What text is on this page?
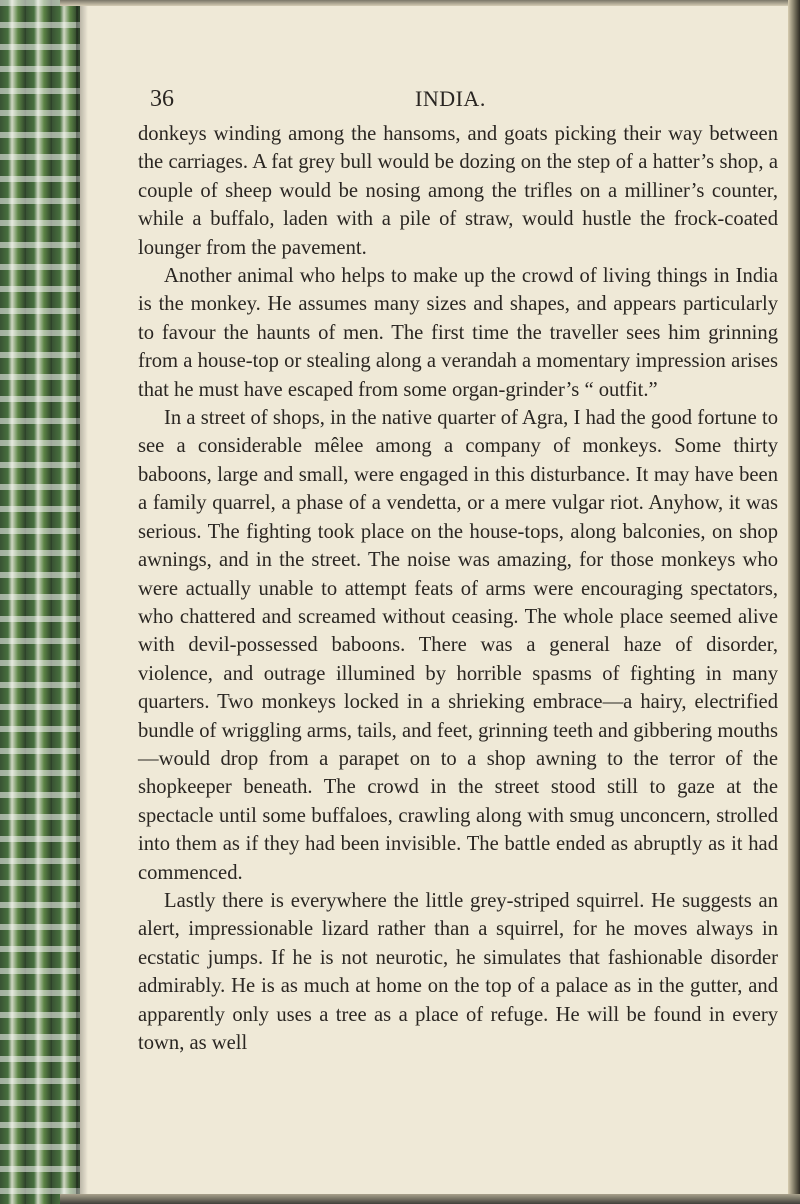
36	INDIA.

donkeys winding among the hansoms, and goats picking their way between the carriages. A fat grey bull would be dozing on the step of a hatter’s shop, a couple of sheep would be nosing among the trifles on a milliner’s counter, while a buffalo, laden with a pile of straw, would hustle the frock-coated lounger from the pavement.

Another animal who helps to make up the crowd of living things in India is the monkey. He assumes many sizes and shapes, and appears particularly to favour the haunts of men. The first time the traveller sees him grinning from a house-top or stealing along a verandah a momentary impression arises that he must have escaped from some organ-grinder’s “ outfit.”

In a street of shops, in the native quarter of Agra, I had the good fortune to see a considerable mêlee among a company of monkeys. Some thirty baboons, large and small, were engaged in this disturbance. It may have been a family quarrel, a phase of a vendetta, or a mere vulgar riot. Anyhow, it was serious. The fighting took place on the house-tops, along balconies, on shop awnings, and in the street. The noise was amazing, for those monkeys who were actually unable to attempt feats of arms were encouraging spectators, who chattered and screamed without ceasing. The whole place seemed alive with devil-possessed baboons. There was a general haze of disorder, violence, and outrage illumined by horrible spasms of fighting in many quarters. Two monkeys locked in a shrieking embrace—a hairy, electrified bundle of wriggling arms, tails, and feet, grinning teeth and gibbering mouths—would drop from a parapet on to a shop awning to the terror of the shopkeeper beneath. The crowd in the street stood still to gaze at the spectacle until some buffaloes, crawling along with smug unconcern, strolled into them as if they had been invisible. The battle ended as abruptly as it had commenced.

Lastly there is everywhere the little grey-striped squirrel. He suggests an alert, impressionable lizard rather than a squirrel, for he moves always in ecstatic jumps. If he is not neurotic, he simulates that fashionable disorder admirably. He is as much at home on the top of a palace as in the gutter, and apparently only uses a tree as a place of refuge. He will be found in every town, as well
